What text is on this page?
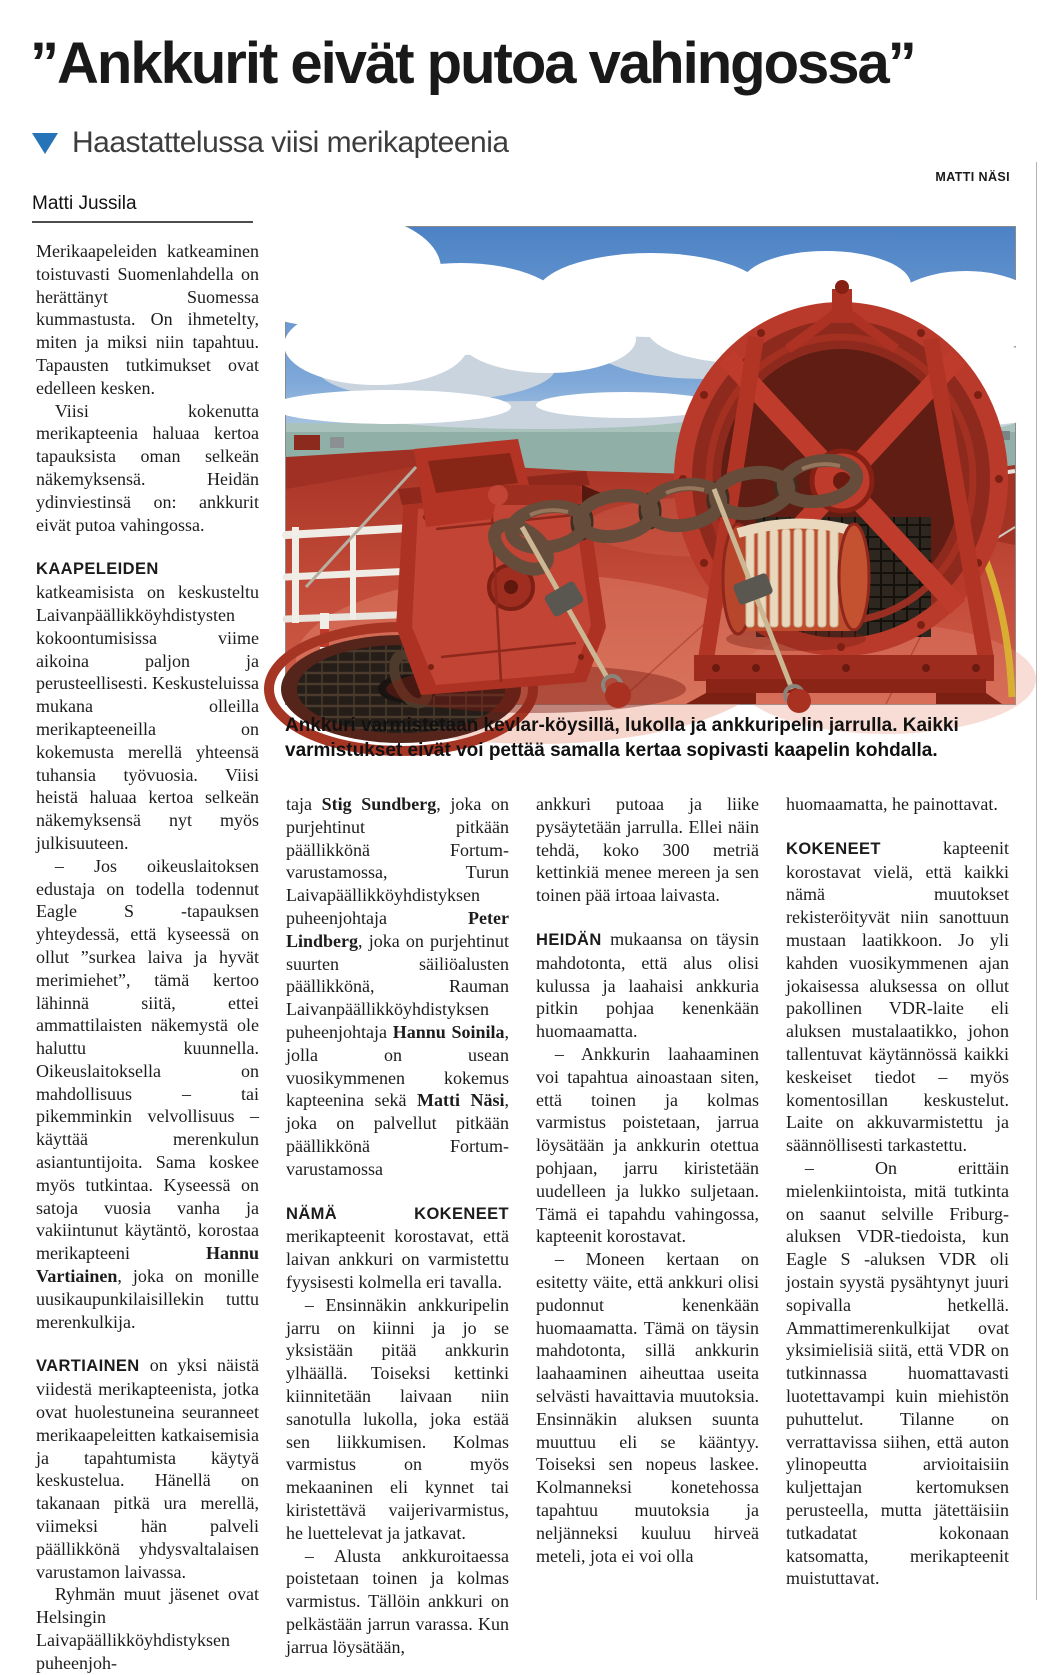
”Ankkurit eivät putoa vahingossa”
Haastattelussa viisi merikapteenia
MATTI NÄSI
Matti Jussila
Ankkuri varmistetaan kevlar-köysillä, lukolla ja ankkuripelin jarrulla. Kaikki varmistukset eivät voi pettää samalla kertaa sopivasti kaapelin kohdalla.

Merikaapeleiden katkeaminen toistuvasti Suomenlahdella on herättänyt Suomessa kummastusta. On ihmetelty, miten ja miksi niin tapahtuu. Tapausten tutkimukset ovat edelleen kesken.

Viisi kokenutta merikapteenia haluaa kertoa tapauksista oman selkeän näkemyksensä. Heidän ydinviestinsä on: ankkurit eivät putoa vahingossa.

KAAPELEIDEN katkeamisista on keskusteltu Laivanpäällikköyhdistysten kokoontumisissa viime aikoina paljon ja perusteellisesti. Keskusteluissa mukana olleilla merikapteeneilla on kokemusta merellä yhteensä tuhansia työvuosia. Viisi heistä haluaa kertoa selkeän näkemyksensä nyt myös julkisuuteen.

– Jos oikeuslaitoksen edustaja on todella todennut Eagle S -tapauksen yhteydessä, että kyseessä on ollut ”surkea laiva ja hyvät merimiehet”, tämä kertoo lähinnä siitä, ettei ammattilaisten näkemystä ole haluttu kuunnella. Oikeuslaitoksella on mahdollisuus – tai pikemminkin velvollisuus – käyttää merenkulun asiantuntijoita. Sama koskee myös tutkintaa. Kyseessä on satoja vuosia vanha ja vakiintunut käytäntö, korostaa merikapteeni Hannu Vartiainen, joka on monille uusikaupunkilaisillekin tuttu merenkulkija.

VARTIAINEN on yksi näistä viidestä merikapteenista, jotka ovat huolestuneina seuranneet merikaapeleitten katkaisemisia ja tapahtumista käytyä keskustelua. Hänellä on takanaan pitkä ura merellä, viimeksi hän palveli päällikkönä yhdysvaltalaisen varustamon laivassa.

Ryhmän muut jäsenet ovat Helsingin Laivapäällikköyhdistyksen puheenjoh-

taja Stig Sundberg, joka on purjehtinut pitkään päällikkönä Fortum-varustamossa, Turun Laivapäällikköyhdistyksen puheenjohtaja Peter Lindberg, joka on purjehtinut suurten säiliöalusten päällikkönä, Rauman Laivanpäällikköyhdistyksen puheenjohtaja Hannu Soinila, jolla on usean vuosikymmenen kokemus kapteenina sekä Matti Näsi, joka on palvellut pitkään päällikkönä Fortum-varustamossa

NÄMÄ KOKENEET merikapteenit korostavat, että laivan ankkuri on varmistettu fyysisesti kolmella eri tavalla.

– Ensinnäkin ankkuripelin jarru on kiinni ja jo se yksistään pitää ankkurin ylhäällä. Toiseksi kettinki kiinnitetään laivaan niin sanotulla lukolla, joka estää sen liikkumisen. Kolmas varmistus on myös mekaaninen eli kynnet tai kiristettävä vaijerivarmistus, he luettelevat ja jatkavat.

– Alusta ankkuroitaessa poistetaan toinen ja kolmas varmistus. Tällöin ankkuri on pelkästään jarrun varassa. Kun jarrua löysätään,

ankkuri putoaa ja liike pysäytetään jarrulla. Ellei näin tehdä, koko 300 metriä kettinkiä menee mereen ja sen toinen pää irtoaa laivasta.

HEIDÄN mukaansa on täysin mahdotonta, että alus olisi kulussa ja laahaisi ankkuria pitkin pohjaa kenenkään huomaamatta.

– Ankkurin laahaaminen voi tapahtua ainoastaan siten, että toinen ja kolmas varmistus poistetaan, jarrua löysätään ja ankkurin otettua pohjaan, jarru kiristetään uudelleen ja lukko suljetaan. Tämä ei tapahdu vahingossa, kapteenit korostavat.

– Moneen kertaan on esitetty väite, että ankkuri olisi pudonnut kenenkään huomaamatta. Tämä on täysin mahdotonta, sillä ankkurin laahaaminen aiheuttaa useita selvästi havaittavia muutoksia. Ensinnäkin aluksen suunta muuttuu eli se kääntyy. Toiseksi sen nopeus laskee. Kolmanneksi konetehossa tapahtuu muutoksia ja neljänneksi kuuluu hirveä meteli, jota ei voi olla

huomaamatta, he painottavat.

KOKENEET kapteenit korostavat vielä, että kaikki nämä muutokset rekisteröityvät niin sanottuun mustaan laatikkoon. Jo yli kahden vuosikymmenen ajan jokaisessa aluksessa on ollut pakollinen VDR-laite eli aluksen mustalaatikko, johon tallentuvat käytännössä kaikki keskeiset tiedot – myös komentosillan keskustelut. Laite on akkuvarmistettu ja säännöllisesti tarkastettu.

– On erittäin mielenkiintoista, mitä tutkinta on saanut selville Friburg-aluksen VDR-tiedoista, kun Eagle S -aluksen VDR oli jostain syystä pysähtynyt juuri sopivalla hetkellä. Ammattimerenkulkijat ovat yksimielisiä siitä, että VDR on tutkinnassa huomattavasti luotettavampi kuin miehistön puhuttelut. Tilanne on verrattavissa siihen, että auton ylinopeutta arvioitaisiin kuljettajan kertomuksen perusteella, mutta jätettäisiin tutkadatat kokonaan katsomatta, merikapteenit muistuttavat.
